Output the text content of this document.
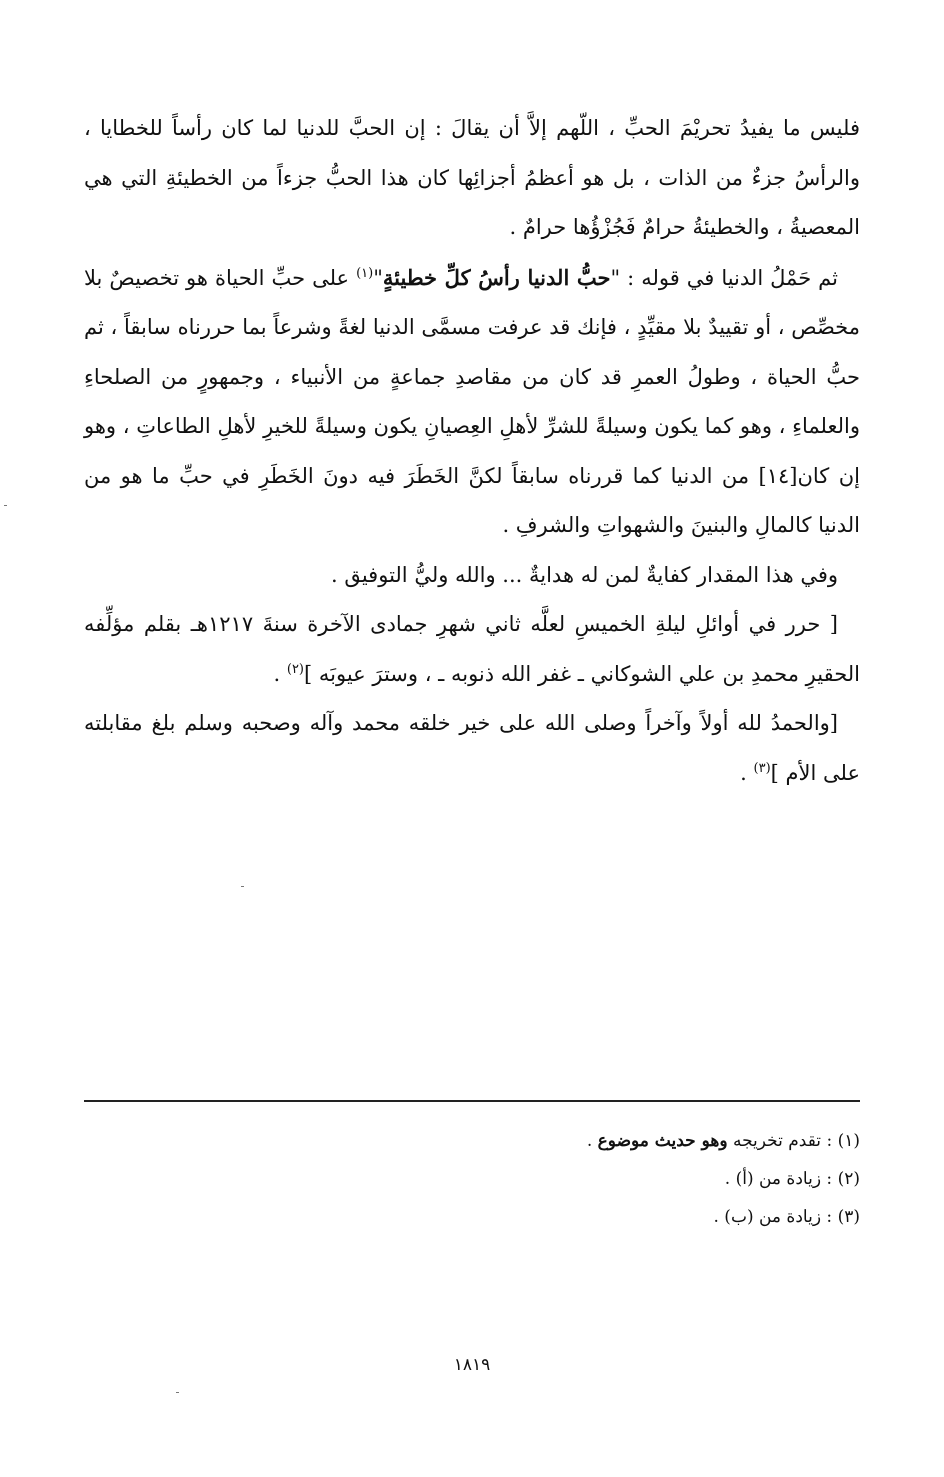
فليس ما يفيدُ تحريْمَ الحبِّ ، اللّهم إلاَّ أن يقالَ : إن الحبَّ للدنيا لما كان رأساً للخطايا ، والرأسُ جزءٌ من الذات ، بل هو أعظمُ أجزائِها كان هذا الحبُّ جزءاً من الخطيئةِ التي هي المعصيةُ ، والخطيئةُ حرامٌ فَجُزْؤُها حرامٌ .

ثم حَمْلُ الدنيا في قوله : "حبُّ الدنيا رأسُ كلِّ خطيئةٍ"$^{(١)}$ على حبِّ الحياة هو تخصيصٌ بلا مخصِّص ، أو تقييدٌ بلا مقيِّدٍ ، فإنك قد عرفت مسمَّى الدنيا لغةً وشرعاً بما حررناه سابقاً ، ثم حبُّ الحياة ، وطولُ العمرِ قد كان من مقاصدِ جماعةٍ من الأنبياء ، وجمهورٍ من الصلحاءِ والعلماءِ ، وهو كما يكون وسيلةً للشرِّ لأهلِ العِصيانِ يكون وسيلةً للخيرِ لأهلِ الطاعاتِ ، وهو إن كان[١٤] من الدنيا كما قررناه سابقاً لكنَّ الخَطَرَ فيه دونَ الخَطَرِ في حبِّ ما هو من الدنيا كالمالِ والبنينَ والشهواتِ والشرفِ .

وفي هذا المقدار كفايةٌ لمن له هدايةٌ ... والله وليُّ التوفيق .

[ حرر في أوائلِ ليلةِ الخميسِ لعلَّه ثاني شهرِ جمادى الآخرة سنةَ ١٢١٧هـ بقلم مؤلِّفه الحقيرِ محمدِ بن علي الشوكاني ـ غفر الله ذنوبه ـ ، وسترَ عيوبَه ]$^{(٢)}$ .

[والحمدُ لله أولاً وآخراً وصلى الله على خير خلقه محمد وآله وصحبه وسلم بلغ مقابلته على الأم ]$^{(٣)}$ .

(١) : تقدم تخريجه وهو حديث موضوع .

(٢) : زيادة من (أ) .

(٣) : زيادة من (ب) .

١٨١٩
